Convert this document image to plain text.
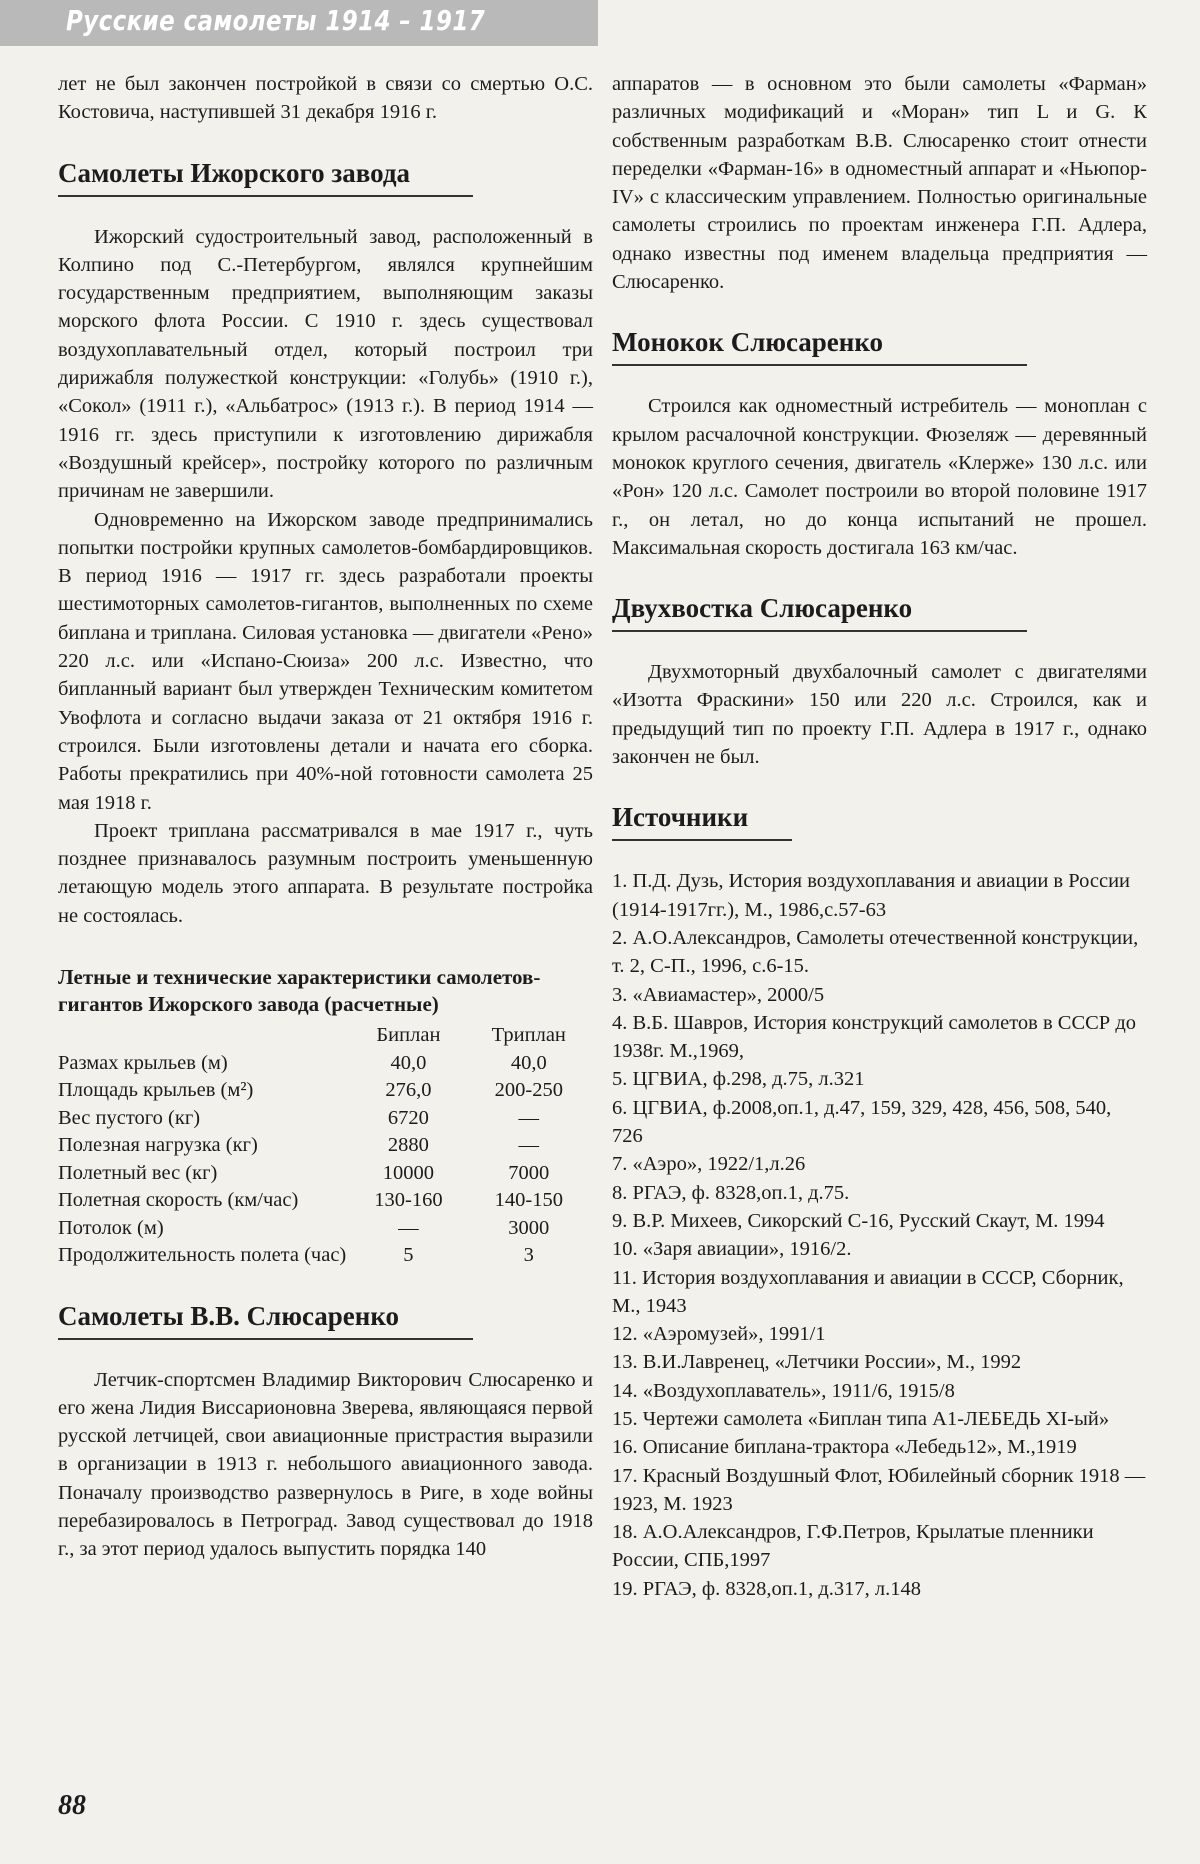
Русские самолеты 1914 – 1917

лет не был закончен постройкой в связи со смертью О.С. Костовича, наступившей 31 декабря 1916 г.

Самолеты Ижорского завода

Ижорский судостроительный завод, расположенный в Колпино под С.-Петербургом, являлся крупнейшим государственным предприятием, выполняющим заказы морского флота России. С 1910 г. здесь существовал воздухоплавательный отдел, который построил три дирижабля полужесткой конструкции: «Голубь» (1910 г.), «Сокол» (1911 г.), «Альбатрос» (1913 г.). В период 1914 — 1916 гг. здесь приступили к изготовлению дирижабля «Воздушный крейсер», постройку которого по различным причинам не завершили.

Одновременно на Ижорском заводе предпринимались попытки постройки крупных самолетов-бомбардировщиков. В период 1916 — 1917 гг. здесь разработали проекты шестимоторных самолетов-гигантов, выполненных по схеме биплана и триплана. Силовая установка — двигатели «Рено» 220 л.с. или «Испано-Сюиза» 200 л.с. Известно, что бипланный вариант был утвержден Техническим комитетом Увофлота и согласно выдачи заказа от 21 октября 1916 г. строился. Были изготовлены детали и начата его сборка. Работы прекратились при 40%-ной готовности самолета 25 мая 1918 г.

Проект триплана рассматривался в мае 1917 г., чуть позднее признавалось разумным построить уменьшенную летающую модель этого аппарата. В результате постройка не состоялась.

Летные и технические характеристики самолетов-гигантов Ижорского завода (расчетные)
	Биплан	Триплан
Размах крыльев (м)	40,0	40,0
Площадь крыльев (м²)	276,0	200-250
Вес пустого (кг)	6720	—
Полезная нагрузка (кг)	2880	—
Полетный вес (кг)	10000	7000
Полетная скорость (км/час)	130-160	140-150
Потолок (м)	—	3000
Продолжительность полета (час)	5	3
Самолеты В.В. Слюсаренко

Летчик-спортсмен Владимир Викторович Слюсаренко и его жена Лидия Виссарионовна Зверева, являющаяся первой русской летчицей, свои авиационные пристрастия выразили в организации в 1913 г. небольшого авиационного завода. Поначалу производство развернулось в Риге, в ходе войны перебазировалось в Петроград. Завод существовал до 1918 г., за этот период удалось выпустить порядка 140

аппаратов — в основном это были самолеты «Фарман» различных модификаций и «Моран» тип L и G. К собственным разработкам В.В. Слюсаренко стоит отнести переделки «Фарман-16» в одноместный аппарат и «Ньюпор-IV» с классическим управлением. Полностью оригинальные самолеты строились по проектам инженера Г.П. Адлера, однако известны под именем владельца предприятия — Слюсаренко.

Монокок Слюсаренко

Строился как одноместный истребитель — моноплан с крылом расчалочной конструкции. Фюзеляж — деревянный монокок круглого сечения, двигатель «Клерже» 130 л.с. или «Рон» 120 л.с. Самолет построили во второй половине 1917 г., он летал, но до конца испытаний не прошел. Максимальная скорость достигала 163 км/час.

Двухвостка Слюсаренко

Двухмоторный двухбалочный самолет с двигателями «Изотта Фраскини» 150 или 220 л.с. Строился, как и предыдущий тип по проекту Г.П. Адлера в 1917 г., однако закончен не был.

Источники
1. П.Д. Дузь, История воздухоплавания и авиации в России (1914-1917гг.), М., 1986,с.57-63
2. А.О.Александров, Самолеты отечественной конструкции, т. 2, С-П., 1996, с.6-15.
3. «Авиамастер», 2000/5
4. В.Б. Шавров, История конструкций самолетов в СССР до 1938г. М.,1969,
5. ЦГВИА, ф.298, д.75, л.321
6. ЦГВИА, ф.2008,оп.1, д.47, 159, 329, 428, 456, 508, 540, 726
7. «Аэро», 1922/1,л.26
8. РГАЭ, ф. 8328,оп.1, д.75.
9. В.Р. Михеев, Сикорский С-16, Русский Скаут, М. 1994
10. «Заря авиации», 1916/2.
11. История воздухоплавания и авиации в СССР, Сборник, М., 1943
12. «Аэромузей», 1991/1
13. В.И.Лавренец, «Летчики России», М., 1992
14. «Воздухоплаватель», 1911/6, 1915/8
15. Чертежи самолета «Биплан типа А1-ЛЕБЕДЬ XI-ый»
16. Описание биплана-трактора «Лебедь12», М.,1919
17. Красный Воздушный Флот, Юбилейный сборник 1918 — 1923, М. 1923
18. А.О.Александров, Г.Ф.Петров, Крылатые пленники России, СПБ,1997
19. РГАЭ, ф. 8328,оп.1, д.317, л.148
88
